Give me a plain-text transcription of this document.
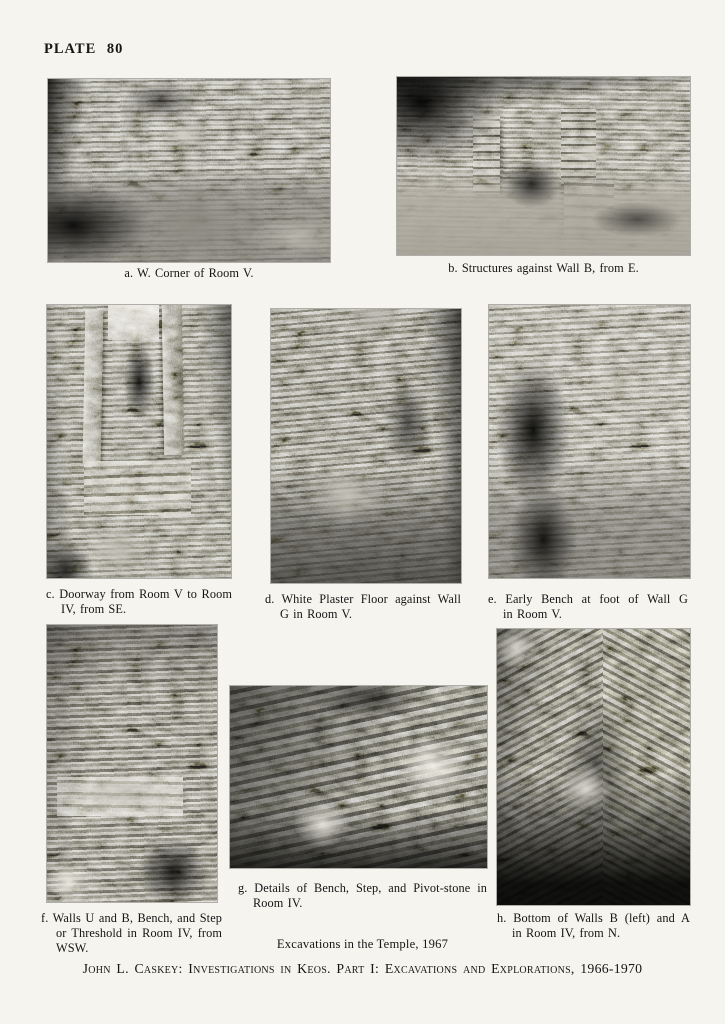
PLATE 80
a. W. Corner of Room V.	b. Structures against Wall B, from E.
c. Doorway from Room V to Room
IV, from SE.
d. White Plaster Floor against Wall
G in Room V.
e. Early Bench at foot of Wall G
in Room V.
f. Walls U and B, Bench, and Step
or Threshold in Room IV, from
WSW.
g. Details of Bench, Step, and Pivot-stone in
Room IV.
h. Bottom of Walls B (left) and A
in Room IV, from N.
Excavations in the Temple, 1967
John L. Caskey: Investigations in Keos. Part I: Excavations and Explorations, 1966-1970
